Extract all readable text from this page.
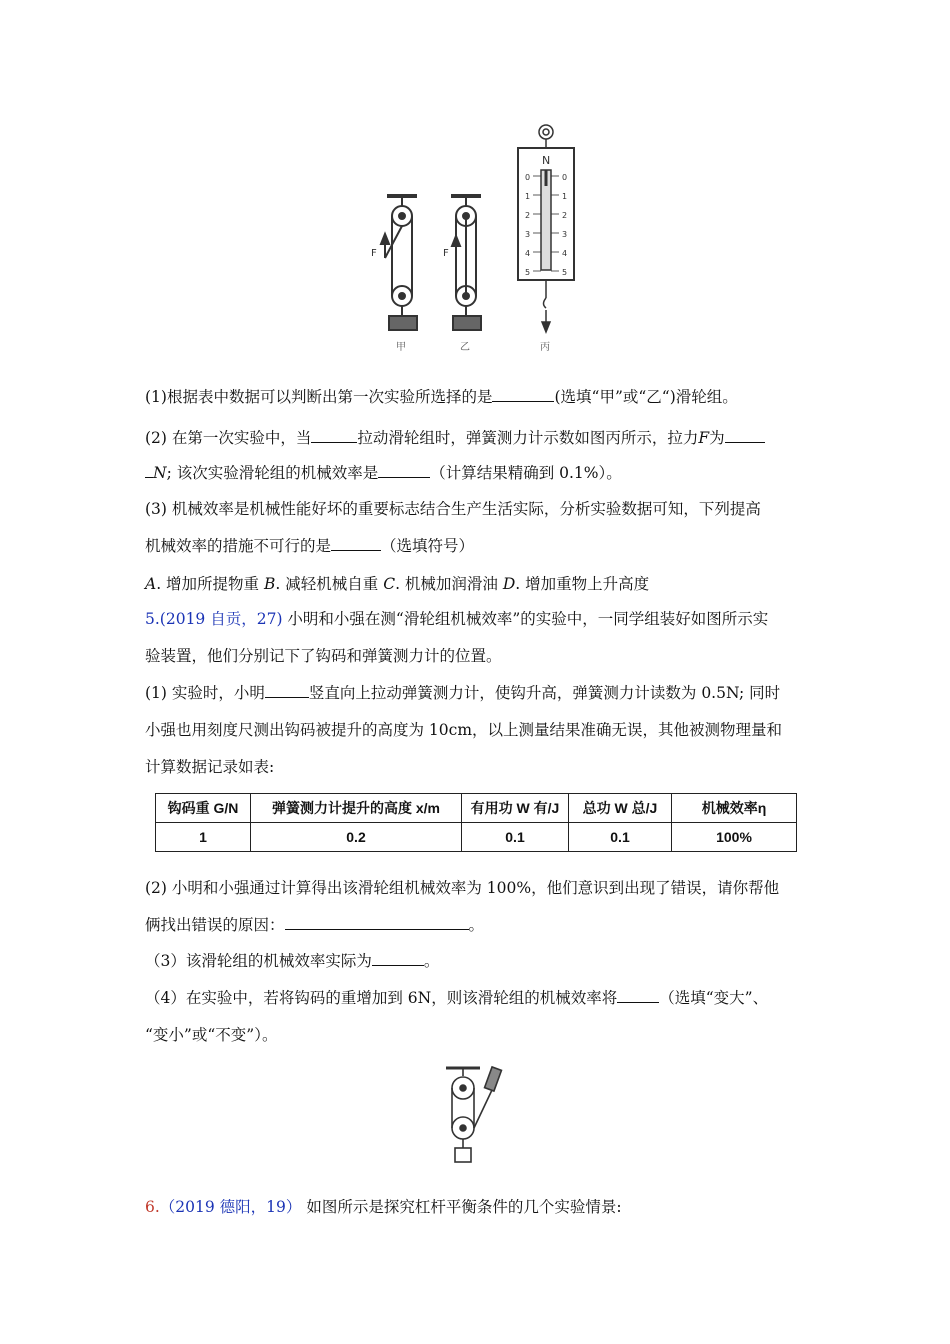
F
甲
F
乙
N
0
1
2
3
4
5
0
1
2
3
4
5
丙
(1)根据表中数据可以判断出第一次实验所选择的是	(选填“甲”或“乙“)滑轮组。
(2) 在第一次实验中，当	拉动滑轮组时，弹簧测力计示数如图丙所示，拉力F为
N; 该次实验滑轮组的机械效率是	（计算结果精确到 0.1%）。
(3) 机械效率是机械性能好坏的重要标志结合生产生活实际，分析实验数据可知，下列提高
机械效率的措施不可行的是	（选填符号）
A. 增加所提物重 B. 减轻机械自重 C. 机械加润滑油 D. 增加重物上升高度
5.(2019 自贡，27) 小明和小强在测“滑轮组机械效率”的实验中，一同学组装好如图所示实
验装置，他们分别记下了钩码和弹簧测力计的位置。
(1) 实验时，小明	竖直向上拉动弹簧测力计，使钩升高，弹簧测力计读数为 0.5N; 同时
小强也用刻度尺测出钩码被提升的高度为 10cm，以上测量结果准确无误，其他被测物理量和
计算数据记录如表:
钩码重 G/N	弹簧测力计提升的高度 x/m	有用功 W 有/J	总功 W 总/J	机械效率η
1	0.2	0.1	0.1	100%
(2) 小明和小强通过计算得出该滑轮组机械效率为 100%，他们意识到出现了错误，请你帮他
俩找出错误的原因：	。
（3）该滑轮组的机械效率实际为	。
（4）在实验中，若将钩码的重增加到 6N，则该滑轮组的机械效率将	（选填“变大”、
“变小”或“不变”）。
6.（2019 德阳，19） 如图所示是探究杠杆平衡条件的几个实验情景:
